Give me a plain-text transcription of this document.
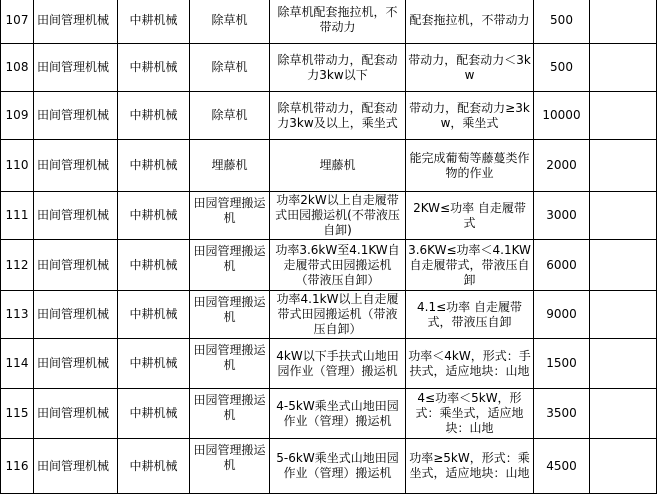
107	田间管理机械	中耕机械	除草机	除草机配套拖拉机，不带动力	配套拖拉机，不带动力	500	
108	田间管理机械	中耕机械	除草机	除草机带动力，配套动力3kw以下	带动力，配套动力＜3kw	500	
109	田间管理机械	中耕机械	除草机	除草机带动力，配套动力3kw及以上，乘坐式	带动力，配套动力≥3kw，乘坐式	10000	
110	田间管理机械	中耕机械	埋藤机	埋藤机	能完成葡萄等藤蔓类作物的作业	2000	
111	田间管理机械	中耕机械	田园管理搬运机	功率2kW以上自走履带式田园搬运机(不带液压自卸)	2KW≤功率 自走履带式	3000	
112	田间管理机械	中耕机械	田园管理搬运机	功率3.6kW至4.1KW自走履带式田园搬运机（带液压自卸）	3.6KW≤功率＜4.1KW自走履带式，带液压自卸	6000	
113	田间管理机械	中耕机械	田园管理搬运机	功率4.1kW以上自走履带式田园搬运机（带液压自卸）	4.1≤功率 自走履带式，带液压自卸	9000	
114	田间管理机械	中耕机械	田园管理搬运机	4kW以下手扶式山地田园作业（管理）搬运机	功率＜4kW，形式：手扶式，适应地块：山地	1500	
115	田间管理机械	中耕机械	田园管理搬运机	4-5kW乘坐式山地田园作业（管理）搬运机	4≤功率＜5kW，形式：乘坐式，适应地块：山地	3500	
116	田间管理机械	中耕机械	田园管理搬运机	5-6kW乘坐式山地田园作业（管理）搬运机	功率≥5kW，形式：乘坐式，适应地块：山地	4500	
